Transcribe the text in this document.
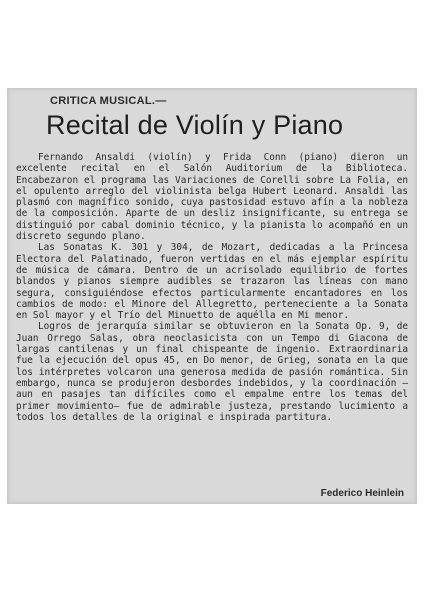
CRITICA MUSICAL.—
Recital de Violín y Piano

Fernando Ansaldi (violín) y Frida Conn (piano) dieron un excelente recital en el Salón Auditorium de la Biblioteca. Encabezaron el programa las Variaciones de Corelli sobre La Folia, en el opulento arreglo del violinista belga Hubert Leonard. Ansaldi las plasmó con magnífico sonido, cuya pastosidad estuvo afín a la nobleza de la composición. Aparte de un desliz insignificante, su entrega se distinguió por cabal dominio técnico, y la pianista lo acompañó en un discreto segundo plano.

Las Sonatas K. 301 y 304, de Mozart, dedicadas a la Princesa Electora del Palatinado, fueron vertidas en el más ejemplar espíritu de música de cámara. Dentro de un acrisolado equilibrio de fortes blandos y pianos siempre audibles se trazaron las líneas con mano segura, consiguiéndose efectos particularmente encantadores en los cambios de modo: el Minore del Allegretto, perteneciente a la Sonata en Sol mayor y el Trío del Minuetto de aquélla en Mi menor.

Logros de jerarquía similar se obtuvieron en la Sonata Op. 9, de Juan Orrego Salas, obra neoclasicista con un Tempo di Giacona de largas cantilenas y un final chispeante de ingenio. Extraordinaria fue la ejecución del opus 45, en Do menor, de Grieg, sonata en la que los intérpretes volcaron una generosa medida de pasión romántica. Sin embargo, nunca se produjeron desbordes indebidos, y la coordinación —aun en pasajes tan difíciles como el empalme entre los temas del primer movimiento— fue de admirable justeza, prestando lucimiento a todos los detalles de la original e inspirada partitura.

Federico Heinlein
